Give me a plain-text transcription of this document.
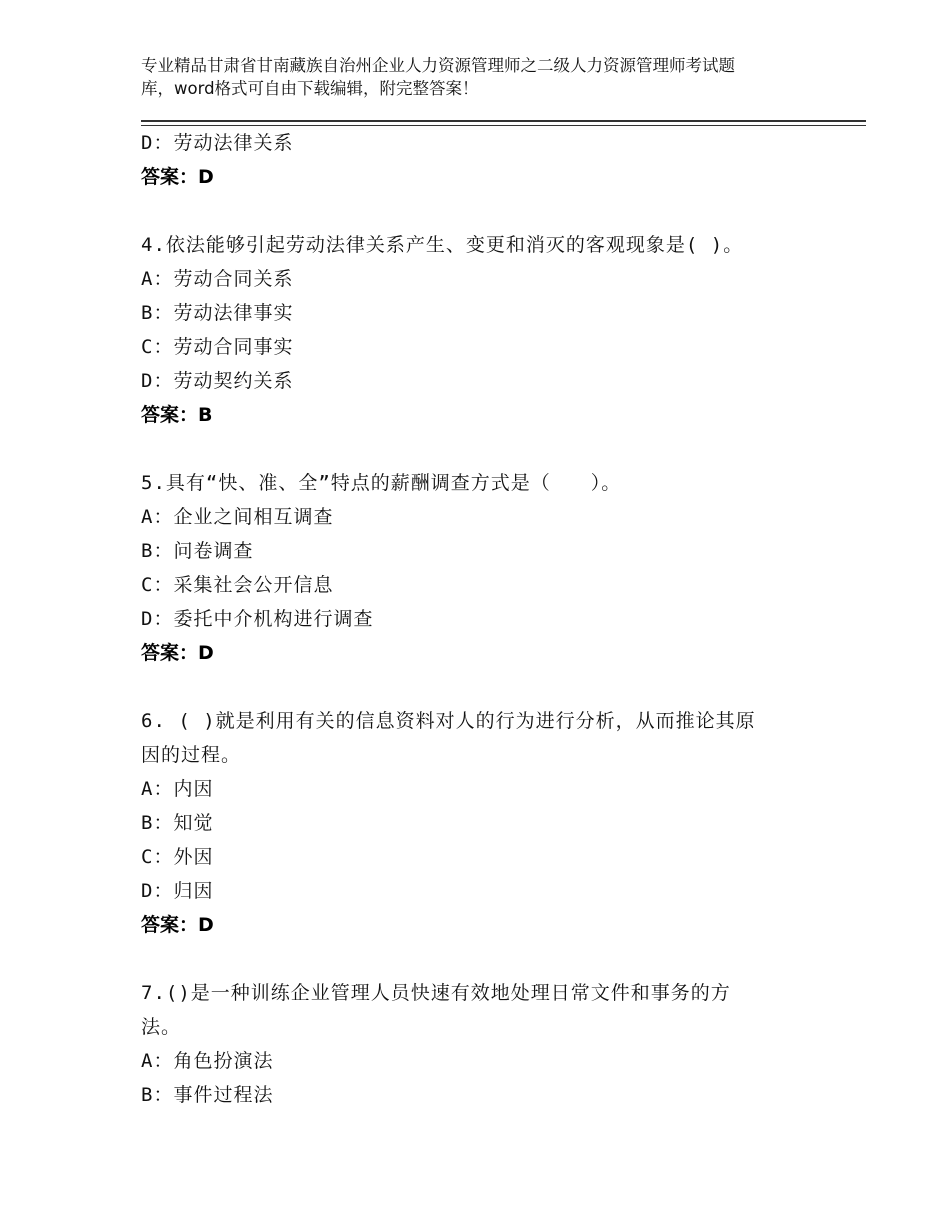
专业精品甘肃省甘南藏族自治州企业人力资源管理师之二级人力资源管理师考试题
库，word格式可自由下载编辑，附完整答案！
D：劳动法律关系
答案：D
4.依法能够引起劳动法律关系产生、变更和消灭的客观现象是( )。
A：劳动合同关系
B：劳动法律事实
C：劳动合同事实
D：劳动契约关系
答案：B
5.具有“快、准、全”特点的薪酬调查方式是（　　）。
A：企业之间相互调查
B：问卷调查
C：采集社会公开信息
D：委托中介机构进行调查
答案：D
6. ( )就是利用有关的信息资料对人的行为进行分析，从而推论其原
因的过程。
A：内因
B：知觉
C：外因
D：归因
答案：D
7.()是一种训练企业管理人员快速有效地处理日常文件和事务的方
法。
A：角色扮演法
B：事件过程法
